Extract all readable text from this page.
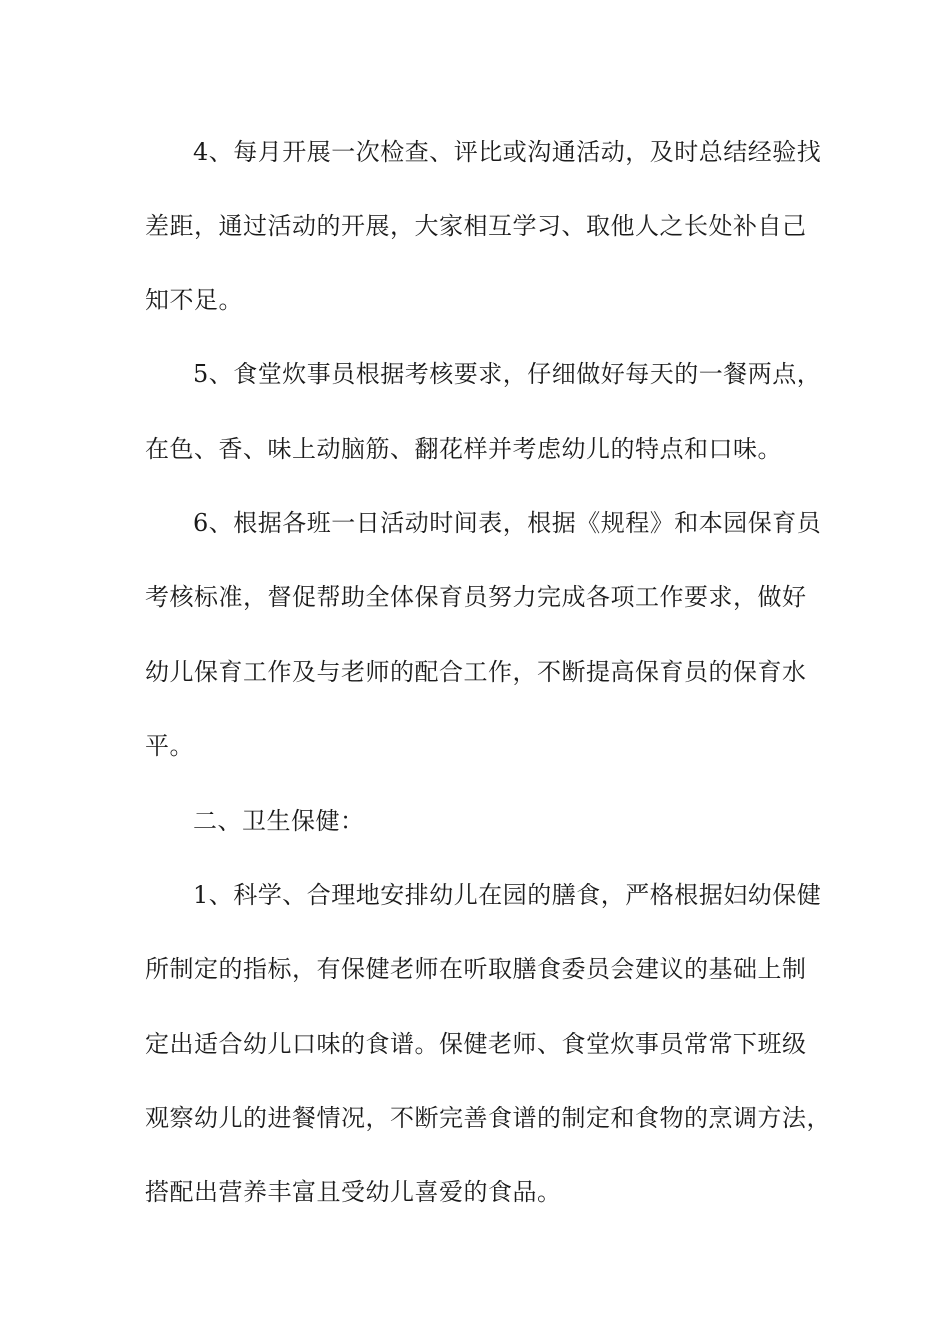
4、每月开展一次检查、评比或沟通活动，及时总结经验找
差距，通过活动的开展，大家相互学习、取他人之长处补自己
知不足。
5、食堂炊事员根据考核要求，仔细做好每天的一餐两点，
在色、香、味上动脑筋、翻花样并考虑幼儿的特点和口味。
6、根据各班一日活动时间表，根据《规程》和本园保育员
考核标准，督促帮助全体保育员努力完成各项工作要求，做好
幼儿保育工作及与老师的配合工作，不断提高保育员的保育水
平。
二、卫生保健：
1、科学、合理地安排幼儿在园的膳食，严格根据妇幼保健
所制定的指标，有保健老师在听取膳食委员会建议的基础上制
定出适合幼儿口味的食谱。保健老师、食堂炊事员常常下班级
观察幼儿的进餐情况，不断完善食谱的制定和食物的烹调方法，
搭配出营养丰富且受幼儿喜爱的食品。
